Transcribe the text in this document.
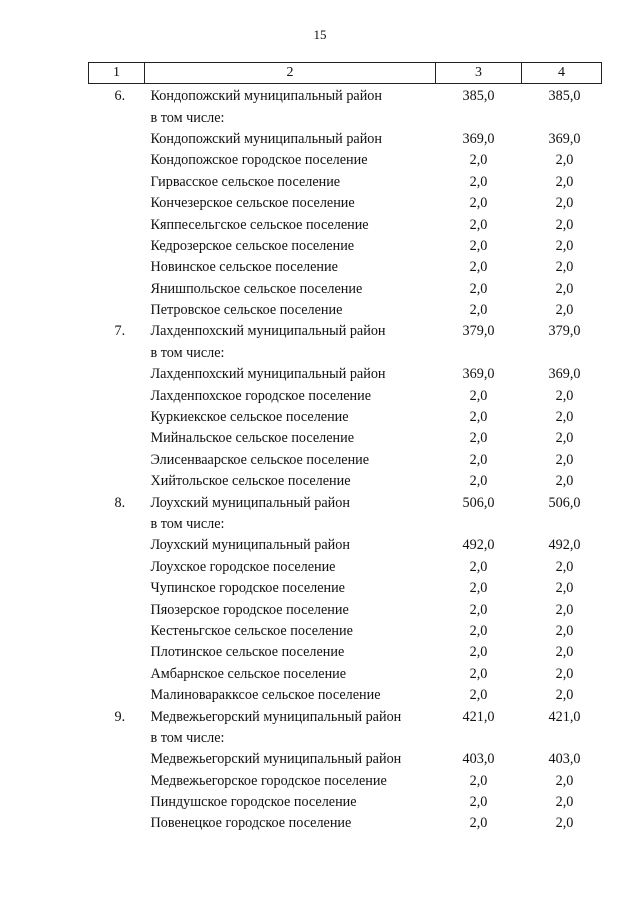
15
1	2	3	4
6.	Кондопожский муниципальный район	385,0	385,0
	в том числе:		
	Кондопожский муниципальный район	369,0	369,0
	Кондопожское городское поселение	2,0	2,0
	Гирвасское сельское поселение	2,0	2,0
	Кончезерское сельское поселение	2,0	2,0
	Кяппесельгское сельское поселение	2,0	2,0
	Кедрозерское сельское поселение	2,0	2,0
	Новинское сельское поселение	2,0	2,0
	Янишпольское сельское поселение	2,0	2,0
	Петровское сельское поселение	2,0	2,0
7.	Лахденпохский муниципальный район	379,0	379,0
	в том числе:		
	Лахденпохский муниципальный район	369,0	369,0
	Лахденпохское городское поселение	2,0	2,0
	Куркиекское сельское поселение	2,0	2,0
	Мийнальское сельское поселение	2,0	2,0
	Элисенваарское сельское поселение	2,0	2,0
	Хийтольское сельское поселение	2,0	2,0
8.	Лоухский муниципальный район	506,0	506,0
	в том числе:		
	Лоухский муниципальный район	492,0	492,0
	Лоухское городское поселение	2,0	2,0
	Чупинское городское поселение	2,0	2,0
	Пяозерское городское поселение	2,0	2,0
	Кестеньгское сельское поселение	2,0	2,0
	Плотинское сельское поселение	2,0	2,0
	Амбарнское сельское поселение	2,0	2,0
	Малиноваракксое сельское поселение	2,0	2,0
9.	Медвежьегорский муниципальный район	421,0	421,0
	в том числе:		
	Медвежьегорский муниципальный район	403,0	403,0
	Медвежьегорское городское поселение	2,0	2,0
	Пиндушское городское поселение	2,0	2,0
	Повенецкое городское поселение	2,0	2,0
